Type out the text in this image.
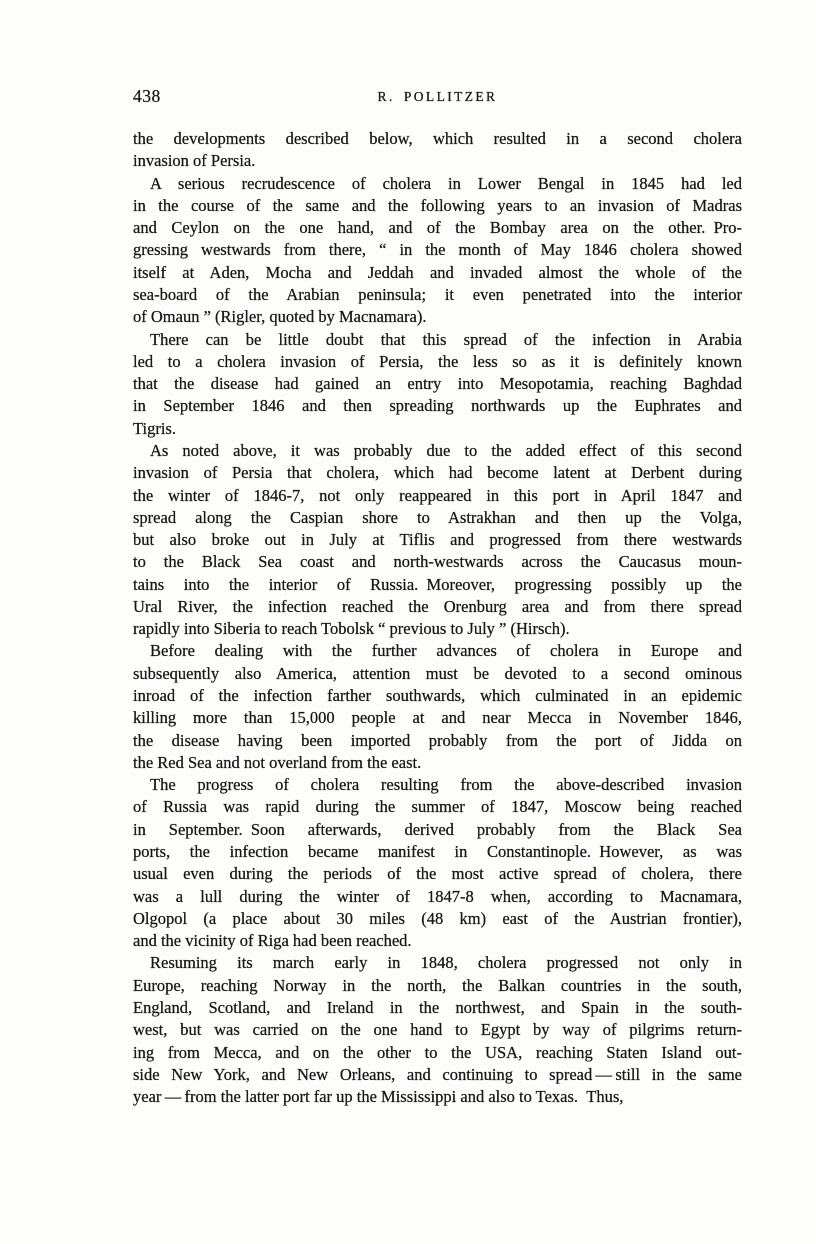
438	R. POLLITZER
the developments described below, which resulted in a second cholera
invasion of Persia.
A serious recrudescence of cholera in Lower Bengal in 1845 had led
in the course of the same and the following years to an invasion of Madras
and Ceylon on the one hand, and of the Bombay area on the other. Pro-
gressing westwards from there, “ in the month of May 1846 cholera showed
itself at Aden, Mocha and Jeddah and invaded almost the whole of the
sea-board of the Arabian peninsula; it even penetrated into the interior
of Omaun ” (Rigler, quoted by Macnamara).
There can be little doubt that this spread of the infection in Arabia
led to a cholera invasion of Persia, the less so as it is definitely known
that the disease had gained an entry into Mesopotamia, reaching Baghdad
in September 1846 and then spreading northwards up the Euphrates and
Tigris.
As noted above, it was probably due to the added effect of this second
invasion of Persia that cholera, which had become latent at Derbent during
the winter of 1846-7, not only reappeared in this port in April 1847 and
spread along the Caspian shore to Astrakhan and then up the Volga,
but also broke out in July at Tiflis and progressed from there westwards
to the Black Sea coast and north-westwards across the Caucasus moun-
tains into the interior of Russia. Moreover, progressing possibly up the
Ural River, the infection reached the Orenburg area and from there spread
rapidly into Siberia to reach Tobolsk “ previous to July ” (Hirsch).
Before dealing with the further advances of cholera in Europe and
subsequently also America, attention must be devoted to a second ominous
inroad of the infection farther southwards, which culminated in an epidemic
killing more than 15,000 people at and near Mecca in November 1846,
the disease having been imported probably from the port of Jidda on
the Red Sea and not overland from the east.
The progress of cholera resulting from the above-described invasion
of Russia was rapid during the summer of 1847, Moscow being reached
in September. Soon afterwards, derived probably from the Black Sea
ports, the infection became manifest in Constantinople. However, as was
usual even during the periods of the most active spread of cholera, there
was a lull during the winter of 1847-8 when, according to Macnamara,
Olgopol (a place about 30 miles (48 km) east of the Austrian frontier),
and the vicinity of Riga had been reached.
Resuming its march early in 1848, cholera progressed not only in
Europe, reaching Norway in the north, the Balkan countries in the south,
England, Scotland, and Ireland in the northwest, and Spain in the south-
west, but was carried on the one hand to Egypt by way of pilgrims return-
ing from Mecca, and on the other to the USA, reaching Staten Island out-
side New York, and New Orleans, and continuing to spread — still in the same
year — from the latter port far up the Mississippi and also to Texas. Thus,
